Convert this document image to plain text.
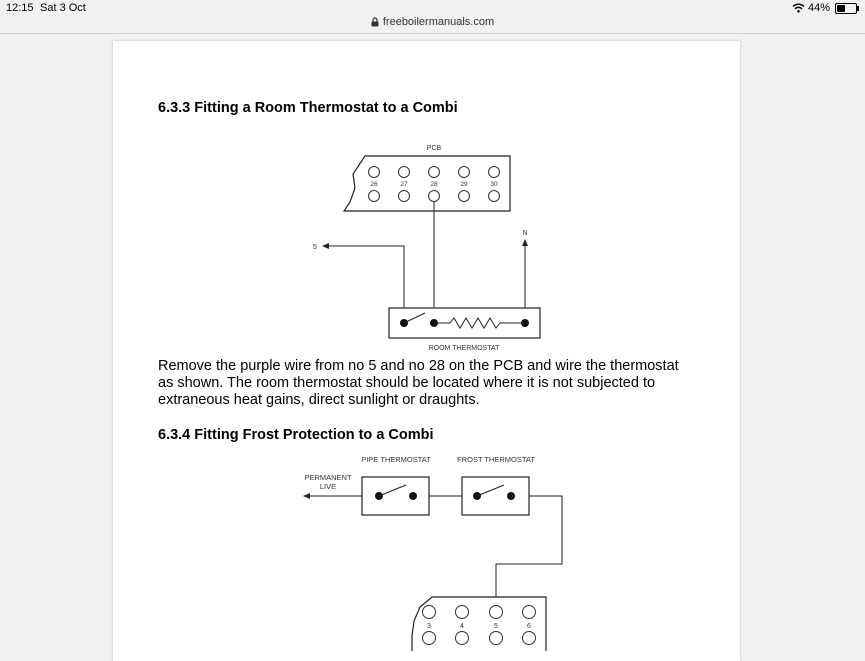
12:15 Sat 3 Oct	44%
freeboilermanuals.com
6.3.3 Fitting a Room Thermostat to a Combi
PCB
26	27	28	29	30
5
N
ROOM THERMOSTAT

Remove the purple wire from no 5 and no 28 on the PCB and wire the thermostat

as shown. The room thermostat should be located where it is not subjected to

extraneous heat gains, direct sunlight or draughts.

6.3.4 Fitting Frost Protection to a Combi
PIPE THERMOSTAT	FROST THERMOSTAT
PERMANENT
LIVE
3	4	5	6
